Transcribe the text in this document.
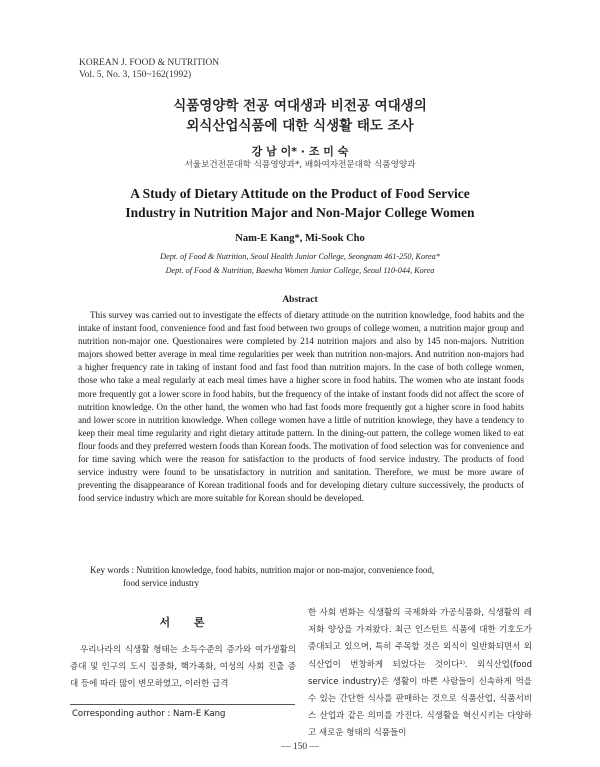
KOREAN J. FOOD & NUTRITION
Vol. 5, No. 3, 150~162(1992)
식품영양학 전공 여대생과 비전공 여대생의
외식산업식품에 대한 식생활 태도 조사
강 남 이* · 조 미 숙
서울보건전문대학 식품영양과*, 배화여자전문대학 식품영양과
A Study of Dietary Attitude on the Product of Food Service
Industry in Nutrition Major and Non-Major College Women
Nam-E Kang*, Mi-Sook Cho
Dept. of Food & Nutrition, Seoul Health Junior College, Seongnam 461-250, Korea*
Dept. of Food & Nutrition, Baewha Women Junior College, Seoul 110-044, Korea
Abstract

This survey was carried out to investigate the effects of dietary attitude on the nutrition knowledge, food habits and the intake of instant food, convenience food and fast food between two groups of college women, a nutrition major group and nutrition non-major one. Questionaires were completed by 214 nutrition majors and also by 145 non-majors. Nutrition majors showed better average in meal time regularities per week than nutrition non-majors. And nutrition non-majors had a higher frequency rate in taking of instant food and fast food than nutrition majors. In the case of both college women, those who take a meal regularly at each meal times have a higher score in food habits. The women who ate instant foods more frequently got a lower score in food habits, but the frequency of the intake of instant foods did not affect the score of nutrition knowledge. On the other hand, the women who had fast foods more frequently got a higher score in food habits and lower score in nutrition knowledge. When college women have a little of nutrition knowlege, they have a tendency to keep their meal time regularity and right dietary attitude pattern. In the dining-out pattern, the college women liked to eat flour foods and they preferred western foods than Korean foods. The motivation of food selection was for convenience and for time saving which were the reason for satisfaction to the products of food service industry. The products of food service industry were found to be unsatisfactory in nutrition and sanitation. Therefore, we must be more aware of preventing the disappearance of Korean traditional foods and for developing dietary culture successively, the products of food service industry which are more suitable for Korean should be developed.

Key words : Nutrition knowledge, food habits, nutrition major or non-major, convenience food,
food service industry
서 론

우리나라의 식생활 형태는 소득수준의 증가와 여가생활의 증대 및 인구의 도시 집중화, 핵가족화, 여성의 사회 진출 증대 등에 따라 많이 변모하였고, 이러한 급격

Corresponding author : Nam-E Kang

한 사회 변화는 식생활의 국제화와 가공식품화, 식생활의 레저화 양상을 가져왔다. 최근 인스턴트 식품에 대한 기호도가 증대되고 있으며, 특히 주목할 것은 외식이 일반화되면서 외식산업이 번창하게 되었다는 것이다¹⁾. 외식산업(food service industry)은 생활이 바쁜 사람들이 신속하게 먹을 수 있는 간단한 식사를 판매하는 것으로 식품산업, 식품서비스 산업과 같은 의미를 가진다. 식생활을 혁신시키는 다양하고 새로운 형태의 식품들이

— 150 —
